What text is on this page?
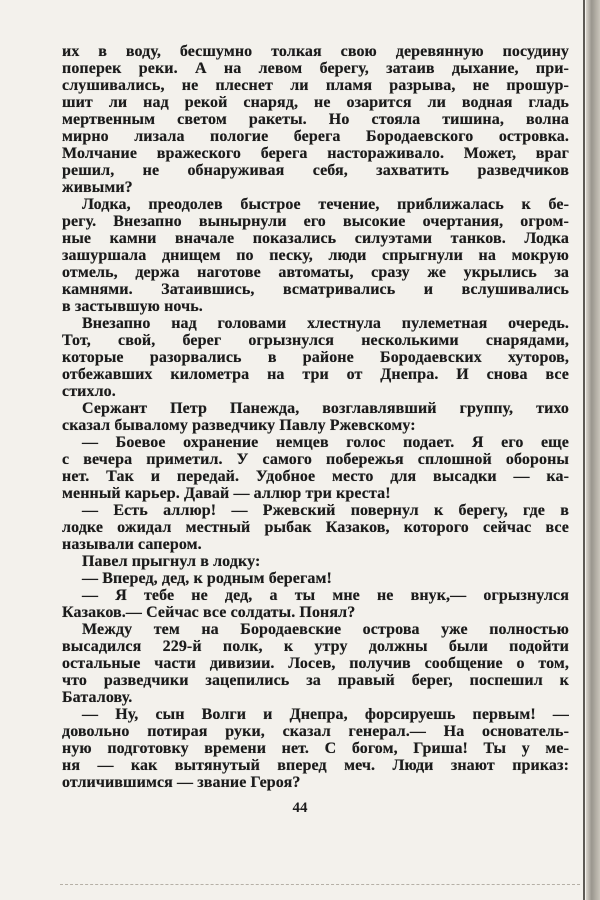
их в воду, бесшумно толкая свою деревянную посудину
поперек реки. А на левом берегу, затаив дыхание, при-
слушивались, не плеснет ли пламя разрыва, не прошур-
шит ли над рекой снаряд, не озарится ли водная гладь
мертвенным светом ракеты. Но стояла тишина, волна
мирно лизала пологие берега Бородаевского островка.
Молчание вражеского берега настораживало. Может, враг
решил, не обнаруживая себя, захватить разведчиков
живыми?
Лодка, преодолев быстрое течение, приближалась к бе-
регу. Внезапно вынырнули его высокие очертания, огром-
ные камни вначале показались силуэтами танков. Лодка
зашуршала днищем по песку, люди спрыгнули на мокрую
отмель, держа наготове автоматы, сразу же укрылись за
камнями. Затаившись, всматривались и вслушивались
в застывшую ночь.
Внезапно над головами хлестнула пулеметная очередь.
Тот, свой, берег огрызнулся несколькими снарядами,
которые разорвались в районе Бородаевских хуторов,
отбежавших километра на три от Днепра. И снова все
стихло.
Сержант Петр Панежда, возглавлявший группу, тихо
сказал бывалому разведчику Павлу Ржевскому:
— Боевое охранение немцев голос подает. Я его еще
с вечера приметил. У самого побережья сплошной обороны
нет. Так и передай. Удобное место для высадки — ка-
менный карьер. Давай — аллюр три креста!
— Есть аллюр! — Ржевский повернул к берегу, где в
лодке ожидал местный рыбак Казаков, которого сейчас все
называли сапером.
Павел прыгнул в лодку:
— Вперед, дед, к родным берегам!
— Я тебе не дед, а ты мне не внук,— огрызнулся
Казаков.— Сейчас все солдаты. Понял?
Между тем на Бородаевские острова уже полностью
высадился 229-й полк, к утру должны были подойти
остальные части дивизии. Лосев, получив сообщение о том,
что разведчики зацепились за правый берег, поспешил к
Баталову.
— Ну, сын Волги и Днепра, форсируешь первым! —
довольно потирая руки, сказал генерал.— На основатель-
ную подготовку времени нет. С богом, Гриша! Ты у ме-
ня — как вытянутый вперед меч. Люди знают приказ:
отличившимся — звание Героя?
44
